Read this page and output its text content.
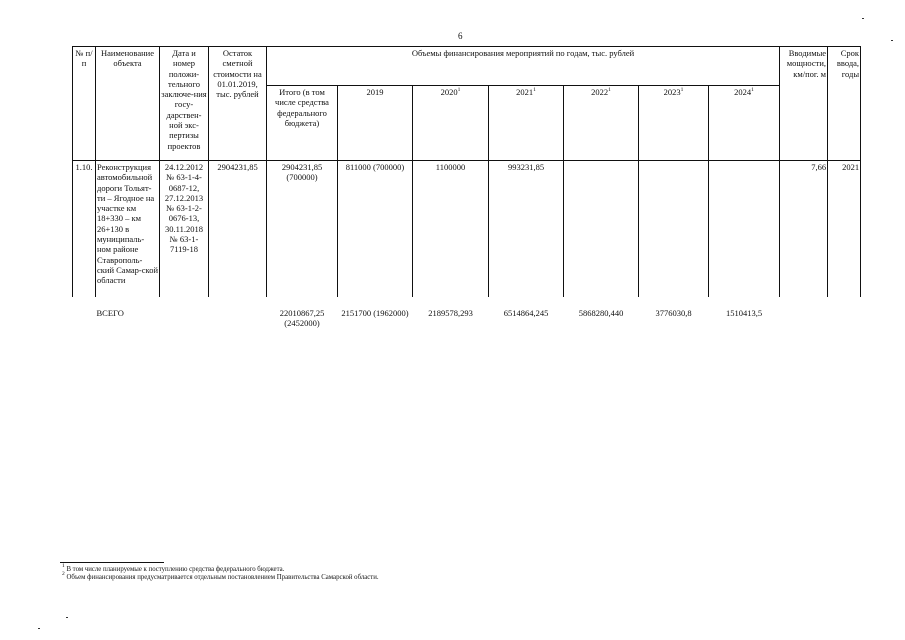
6
№ п/п	Наименование объекта	Дата и номер положи-тельного заключе-ния госу-дарствен-ной экс-пертизы проектов	Остаток сметной стоимости на 01.01.2019, тыс. рублей	Объемы финансирования мероприятий по годам, тыс. рублей							Вводимые мощности, км/пог. м	Срок ввода, годы
				Итого (в том числе средства федерального бюджета)	2019	2020$^1$	2021$^1$	2022$^1$	2023$^1$	2024$^1$
1.10.	Реконструкция автомобильной дороги Тольят-ти – Ягодное на участке км 18+330 – км 26+130 в муниципаль-ном районе Ставрополь-ский Самар-ской области	24.12.2012 № 63-1-4-0687-12, 27.12.2013 № 63-1-2-0676-13, 30.11.2018 № 63-1-7119-18	2904231,85	2904231,85 (700000)	811000 (700000)	1100000	993231,85				7,66	2021
	ВСЕГО			22010867,25 (2452000)	2151700 (1962000)	2189578,293	6514864,245	5868280,440	3776030,8	1510413,5		
$^1$ В том числе планируемые к поступлению средства федерального бюджета.
$^2$ Объем финансирования предусматривается отдельным постановлением Правительства Самарской области.
